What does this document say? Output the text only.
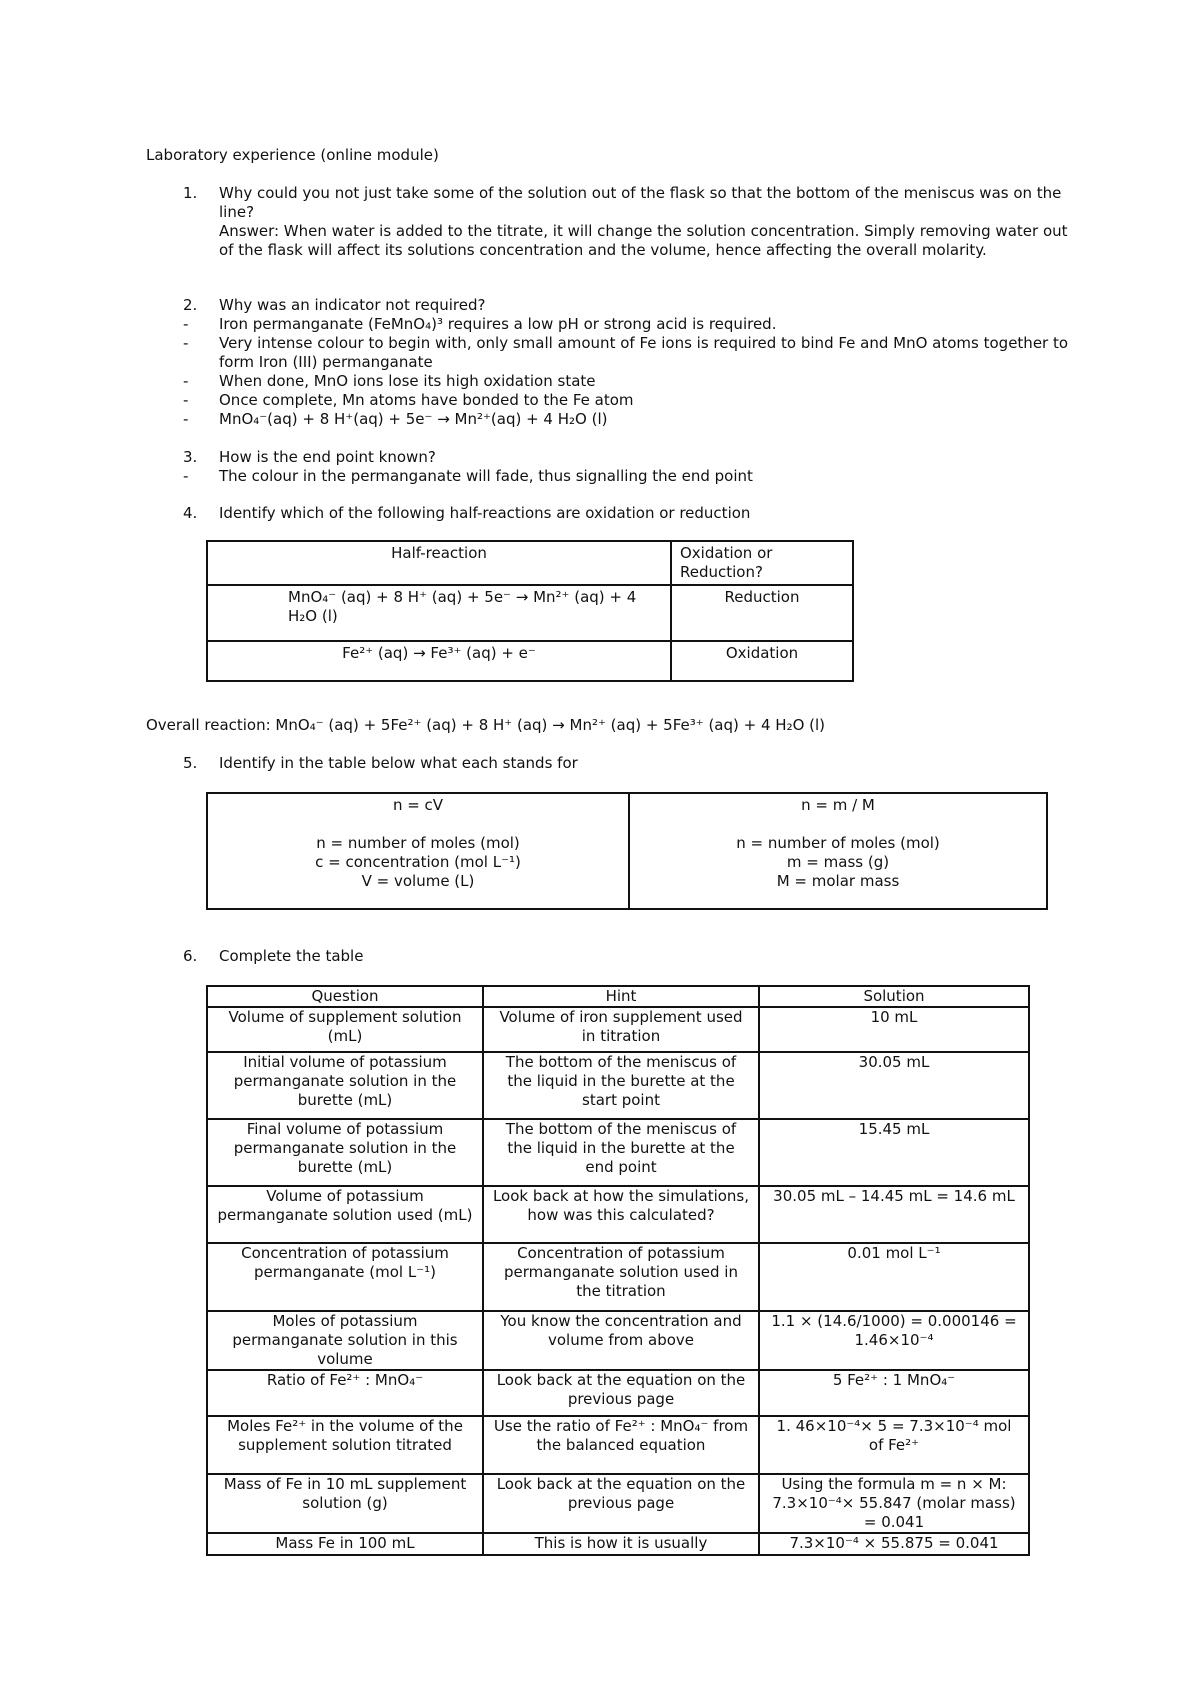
Laboratory experience (online module)
1.	Why could you not just take some of the solution out of the flask so that the bottom of the meniscus was on the line?
Answer: When water is added to the titrate, it will change the solution concentration. Simply removing water out of the flask will affect its solutions concentration and the volume, hence affecting the overall molarity.
2.	Why was an indicator not required?
- Iron permanganate (FeMnO₄)³ requires a low pH or strong acid is required.
- Very intense colour to begin with, only small amount of Fe ions is required to bind Fe and MnO atoms together to form Iron (III) permanganate
- When done, MnO ions lose its high oxidation state
- Once complete, Mn atoms have bonded to the Fe atom
- MnO₄⁻(aq) + 8 H⁺(aq) + 5e⁻ → Mn²⁺(aq) + 4 H₂O (l)
3.	How is the end point known?
- The colour in the permanganate will fade, thus signalling the end point
4.	Identify which of the following half-reactions are oxidation or reduction
Half-reaction	Oxidation or Reduction?
MnO₄⁻ (aq) + 8 H⁺ (aq) + 5e⁻ → Mn²⁺ (aq) + 4 H₂O (l)	Reduction
Fe²⁺ (aq) → Fe³⁺ (aq) + e⁻	Oxidation
Overall reaction: MnO₄⁻ (aq) + 5Fe²⁺ (aq) + 8 H⁺ (aq) → Mn²⁺ (aq) + 5Fe³⁺ (aq) + 4 H₂O (l)
5.	Identify in the table below what each stands for
n = cV
n = number of moles (mol)
c = concentration (mol L⁻¹)
V = volume (L)

n = m / M
n = number of moles (mol)
m = mass (g)
M = molar mass
6.	Complete the table
Question	Hint	Solution
Volume of supplement solution (mL)	Volume of iron supplement used in titration	10 mL
Initial volume of potassium permanganate solution in the burette (mL)	The bottom of the meniscus of the liquid in the burette at the start point	30.05 mL
Final volume of potassium permanganate solution in the burette (mL)	The bottom of the meniscus of the liquid in the burette at the end point	15.45 mL
Volume of potassium permanganate solution used (mL)	Look back at how the simulations, how was this calculated?	30.05 mL – 14.45 mL = 14.6 mL
Concentration of potassium permanganate (mol L⁻¹)	Concentration of potassium permanganate solution used in the titration	0.01 mol L⁻¹
Moles of potassium permanganate solution in this volume	You know the concentration and volume from above	1.1 × (14.6/1000) = 0.000146 = 1.46×10⁻⁴
Ratio of Fe²⁺ : MnO₄⁻	Look back at the equation on the previous page	5 Fe²⁺ : 1 MnO₄⁻
Moles Fe²⁺ in the volume of the supplement solution titrated	Use the ratio of Fe²⁺ : MnO₄⁻ from the balanced equation	1. 46×10⁻⁴× 5 = 7.3×10⁻⁴ mol of Fe²⁺
Mass of Fe in 10 mL supplement solution (g)	Look back at the equation on the previous page	Using the formula m = n × M: 7.3×10⁻⁴× 55.847 (molar mass) = 0.041
Mass Fe in 100 mL	This is how it is usually	7.3×10⁻⁴ × 55.875 = 0.041
